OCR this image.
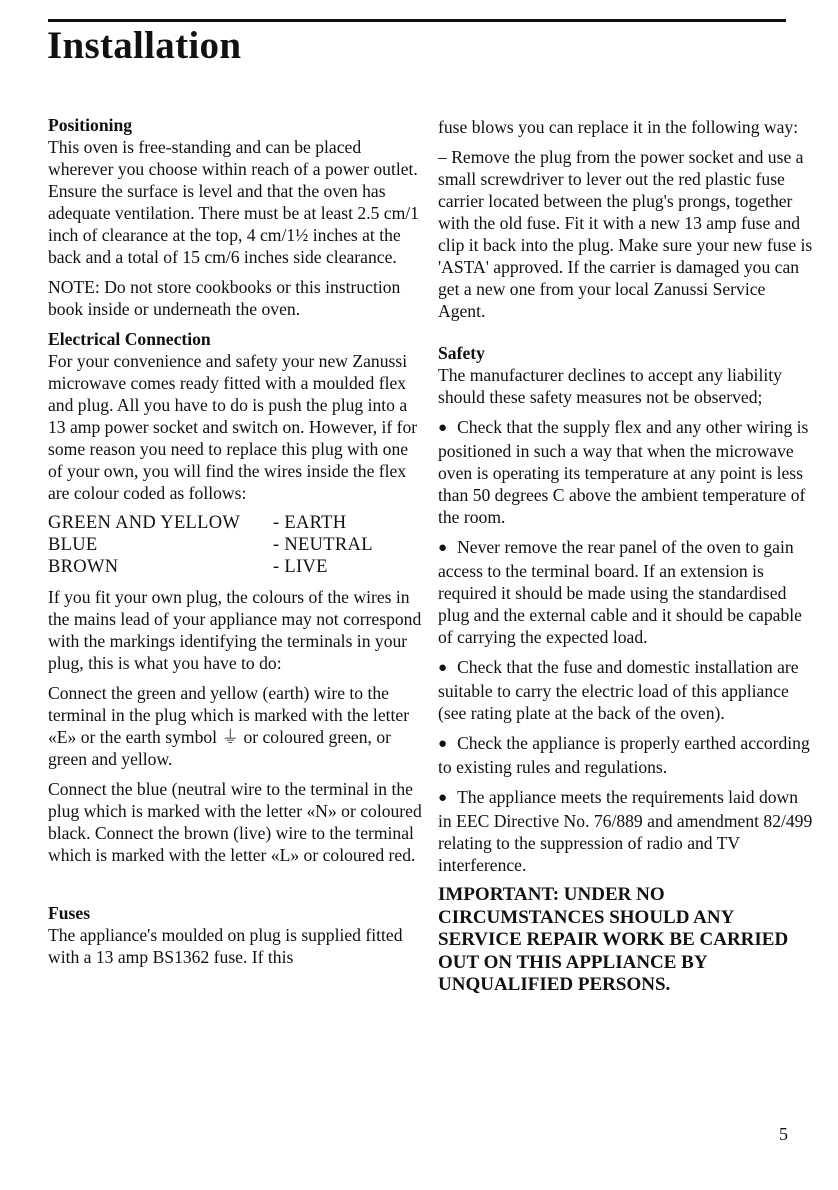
Installation
Positioning

This oven is free-standing and can be placed wherever you choose within reach of a power outlet. Ensure the surface is level and that the oven has adequate ventilation. There must be at least 2.5 cm/1 inch of clearance at the top, 4 cm/1½ inches at the back and a total of 15 cm/6 inches side clearance.

NOTE: Do not store cookbooks or this instruction book inside or underneath the oven.

Electrical Connection

For your convenience and safety your new Zanussi microwave comes ready fitted with a moulded flex and plug. All you have to do is push the plug into a 13 amp power socket and switch on. However, if for some reason you need to replace this plug with one of your own, you will find the wires inside the flex are colour coded as follows:

GREEN AND YELLOW	- EARTH
BLUE	- NEUTRAL
BROWN	- LIVE

If you fit your own plug, the colours of the wires in the mains lead of your appliance may not correspond with the markings identifying the terminals in your plug, this is what you have to do:

Connect the green and yellow (earth) wire to the terminal in the plug which is marked with the letter «E» or the earth symbol ⏚ or coloured green, or green and yellow.

Connect the blue (neutral wire to the terminal in the plug which is marked with the letter «N» or coloured black. Connect the brown (live) wire to the terminal which is marked with the letter «L» or coloured red.

Fuses

The appliance's moulded on plug is supplied fitted with a 13 amp BS1362 fuse. If this

fuse blows you can replace it in the following way:

– Remove the plug from the power socket and use a small screwdriver to lever out the red plastic fuse carrier located between the plug's prongs, together with the old fuse. Fit it with a new 13 amp fuse and clip it back into the plug. Make sure your new fuse is 'ASTA' approved. If the carrier is damaged you can get a new one from your local Zanussi Service Agent.

Safety

The manufacturer declines to accept any liability should these safety measures not be observed;

● Check that the supply flex and any other wiring is positioned in such a way that when the microwave oven is operating its temperature at any point is less than 50 degrees C above the ambient temperature of the room.

● Never remove the rear panel of the oven to gain access to the terminal board. If an extension is required it should be made using the standardised plug and the external cable and it should be capable of carrying the expected load.

● Check that the fuse and domestic installation are suitable to carry the electric load of this appliance (see rating plate at the back of the oven).

● Check the appliance is properly earthed according to existing rules and regulations.

● The appliance meets the requirements laid down in EEC Directive No. 76/889 and amendment 82/499 relating to the suppression of radio and TV interference.

IMPORTANT: UNDER NO CIRCUMSTANCES SHOULD ANY SERVICE REPAIR WORK BE CARRIED OUT ON THIS APPLIANCE BY UNQUALIFIED PERSONS.
5
